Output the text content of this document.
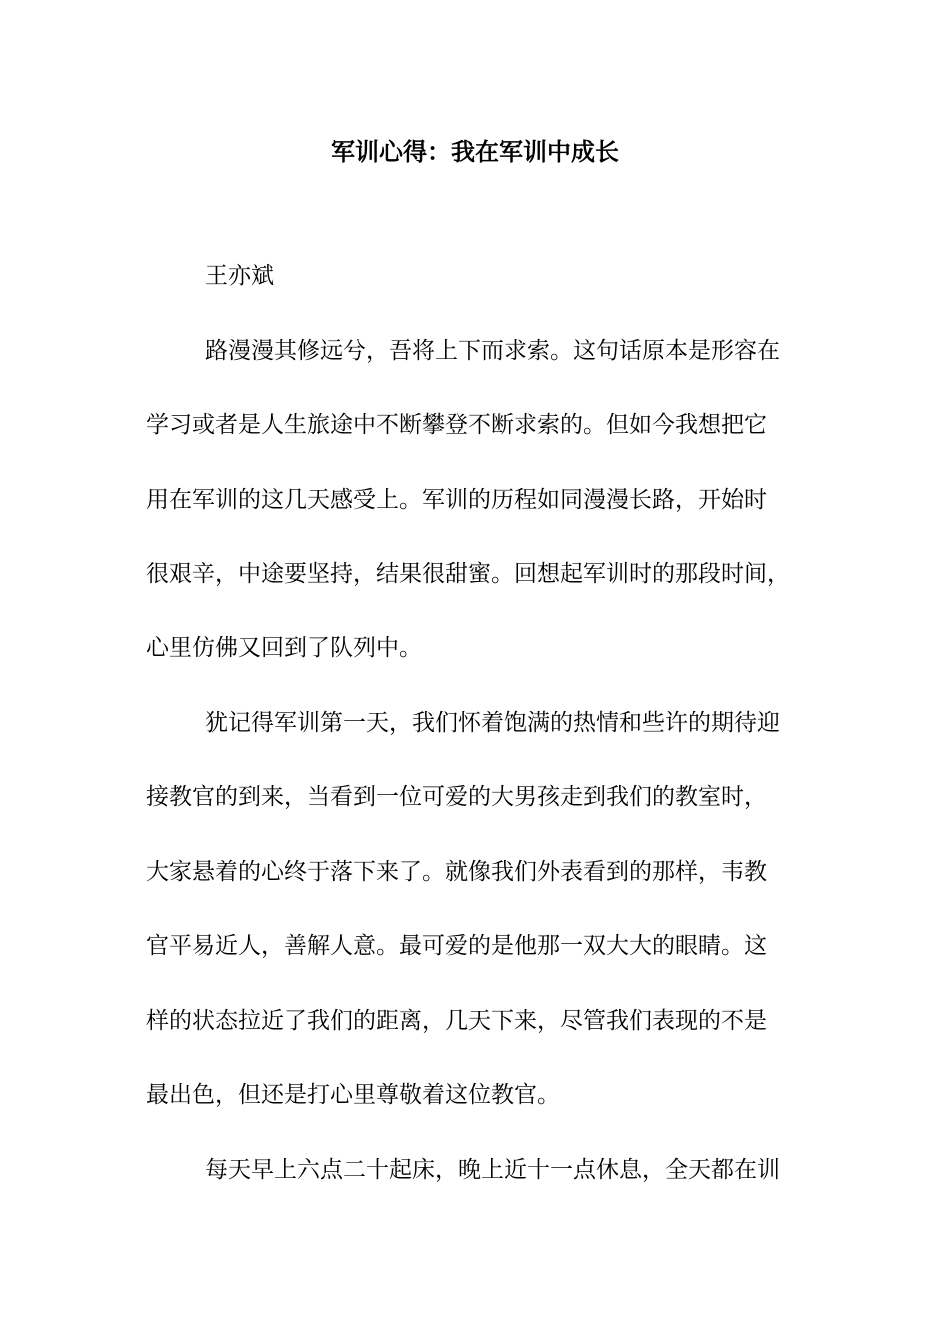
军训心得：我在军训中成长

王亦斌

路漫漫其修远兮，吾将上下而求索。这句话原本是形容在

学习或者是人生旅途中不断攀登不断求索的。但如今我想把它

用在军训的这几天感受上。军训的历程如同漫漫长路，开始时

很艰辛，中途要坚持，结果很甜蜜。回想起军训时的那段时间，

心里仿佛又回到了队列中。

犹记得军训第一天，我们怀着饱满的热情和些许的期待迎

接教官的到来，当看到一位可爱的大男孩走到我们的教室时，

大家悬着的心终于落下来了。就像我们外表看到的那样，韦教

官平易近人，善解人意。最可爱的是他那一双大大的眼睛。这

样的状态拉近了我们的距离，几天下来，尽管我们表现的不是

最出色，但还是打心里尊敬着这位教官。

每天早上六点二十起床，晚上近十一点休息，全天都在训
